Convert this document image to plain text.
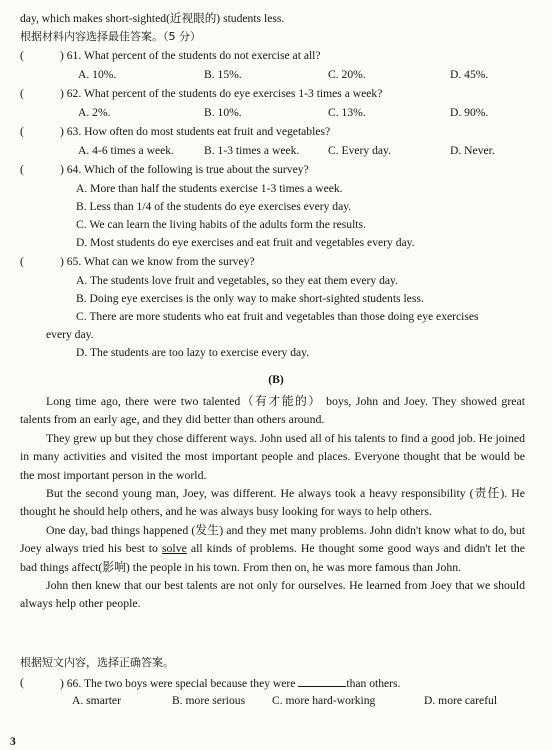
day, which makes short-sighted(近视眼的) students less.
根据材料内容选择最佳答案。（5 分）
(	) 61. What percent of the students do not exercise at all?
A. 10%.	B. 15%.	C. 20%.	D. 45%.
(	) 62. What percent of the students do eye exercises 1-3 times a week?
A. 2%.	B. 10%.	C. 13%.	D. 90%.
(	) 63. How often do most students eat fruit and vegetables?
A. 4-6 times a week.	B. 1-3 times a week. C. Every day.	D. Never.
(	) 64. Which of the following is true about the survey?
A. More than half the students exercise 1-3 times a week.
B. Less than 1/4 of the students do eye exercises every day.
C. We can learn the living habits of the adults form the results.
D. Most students do eye exercises and eat fruit and vegetables every day.
(	) 65. What can we know from the survey?
A. The students love fruit and vegetables, so they eat them every day.
B. Doing eye exercises is the only way to make short-sighted students less.
C. There are more students who eat fruit and vegetables than those doing eye exercises
every day.
D. The students are too lazy to exercise every day.
(B)

Long time ago, there were two talented（有才能的） boys, John and Joey. They showed great talents from an early age, and they did better than others around.

They grew up but they chose different ways. John used all of his talents to find a good job. He joined in many activities and visited the most important people and places. Everyone thought that be would be the most important person in the world.

But the second young man, Joey, was different. He always took a heavy responsibility (责任). He thought he should help others, and he was always busy looking for ways to help others.

One day, bad things happened (发生) and they met many problems. John didn't know what to do, but Joey always tried his best to solve all kinds of problems. He thought some good ways and didn't let the bad things affect(影响) the people in his town. From then on, he was more famous than John.

John then knew that our best talents are not only for ourselves. He learned from Joey that we should always help other people.

根据短文内容，选择正确答案。
(	) 66. The two boys were special because they were	than others.
A. smarter	B. more serious C. more hard-working	D. more careful
3
